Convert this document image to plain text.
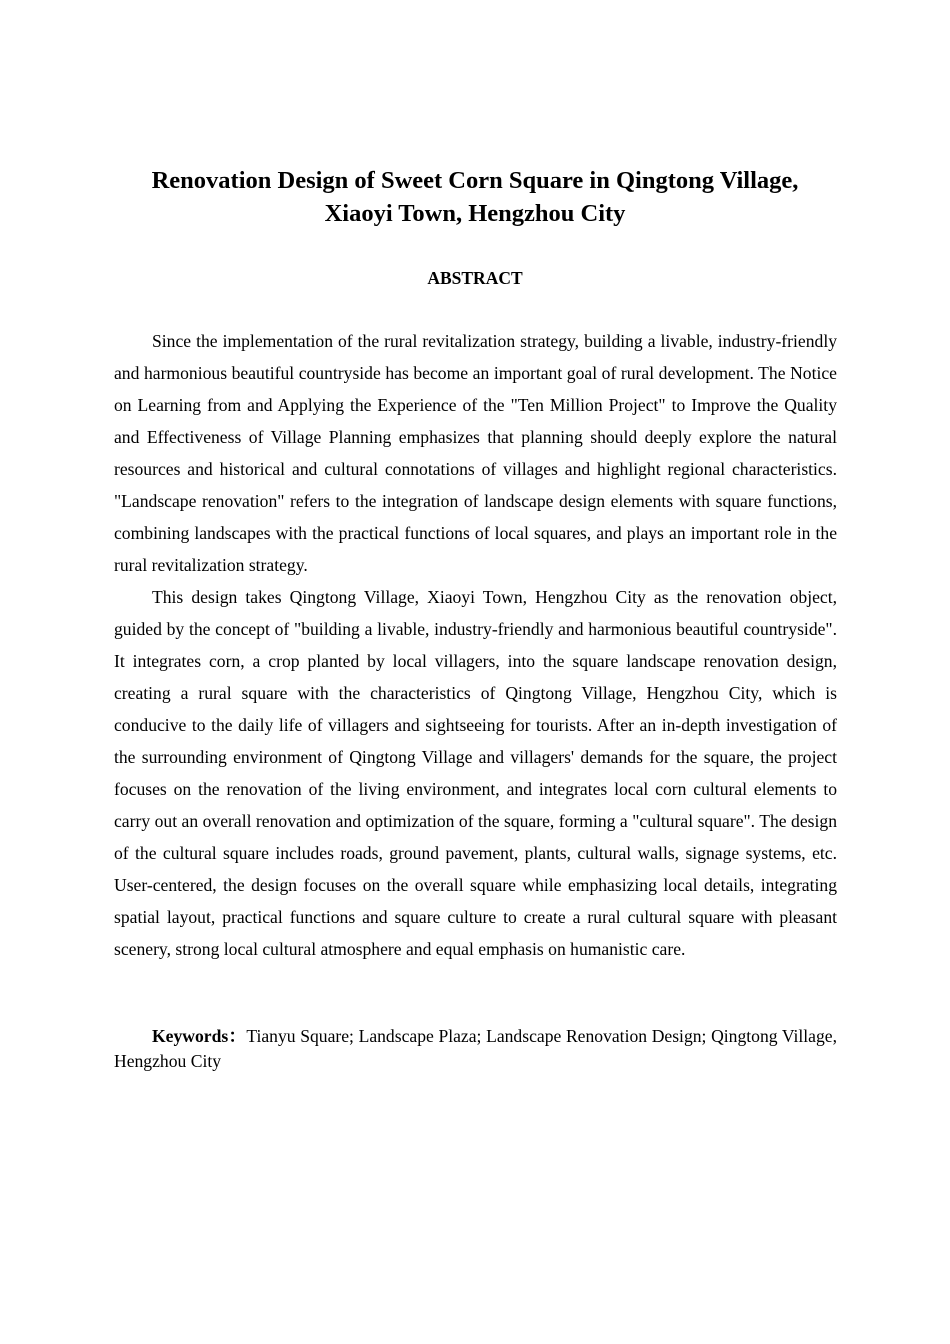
Renovation Design of Sweet Corn Square in Qingtong Village,
Xiaoyi Town, Hengzhou City
ABSTRACT

Since the implementation of the rural revitalization strategy, building a livable, industry-friendly and harmonious beautiful countryside has become an important goal of rural development. The Notice on Learning from and Applying the Experience of the "Ten Million Project" to Improve the Quality and Effectiveness of Village Planning emphasizes that planning should deeply explore the natural resources and historical and cultural connotations of villages and highlight regional characteristics. "Landscape renovation" refers to the integration of landscape design elements with square functions, combining landscapes with the practical functions of local squares, and plays an important role in the rural revitalization strategy.

This design takes Qingtong Village, Xiaoyi Town, Hengzhou City as the renovation object, guided by the concept of "building a livable, industry-friendly and harmonious beautiful countryside". It integrates corn, a crop planted by local villagers, into the square landscape renovation design, creating a rural square with the characteristics of Qingtong Village, Hengzhou City, which is conducive to the daily life of villagers and sightseeing for tourists. After an in-depth investigation of the surrounding environment of Qingtong Village and villagers' demands for the square, the project focuses on the renovation of the living environment, and integrates local corn cultural elements to carry out an overall renovation and optimization of the square, forming a "cultural square". The design of the cultural square includes roads, ground pavement, plants, cultural walls, signage systems, etc. User-centered, the design focuses on the overall square while emphasizing local details, integrating spatial layout, practical functions and square culture to create a rural cultural square with pleasant scenery, strong local cultural atmosphere and equal emphasis on humanistic care.

Keywords：Tianyu Square; Landscape Plaza; Landscape Renovation Design; Qingtong Village, Hengzhou City
